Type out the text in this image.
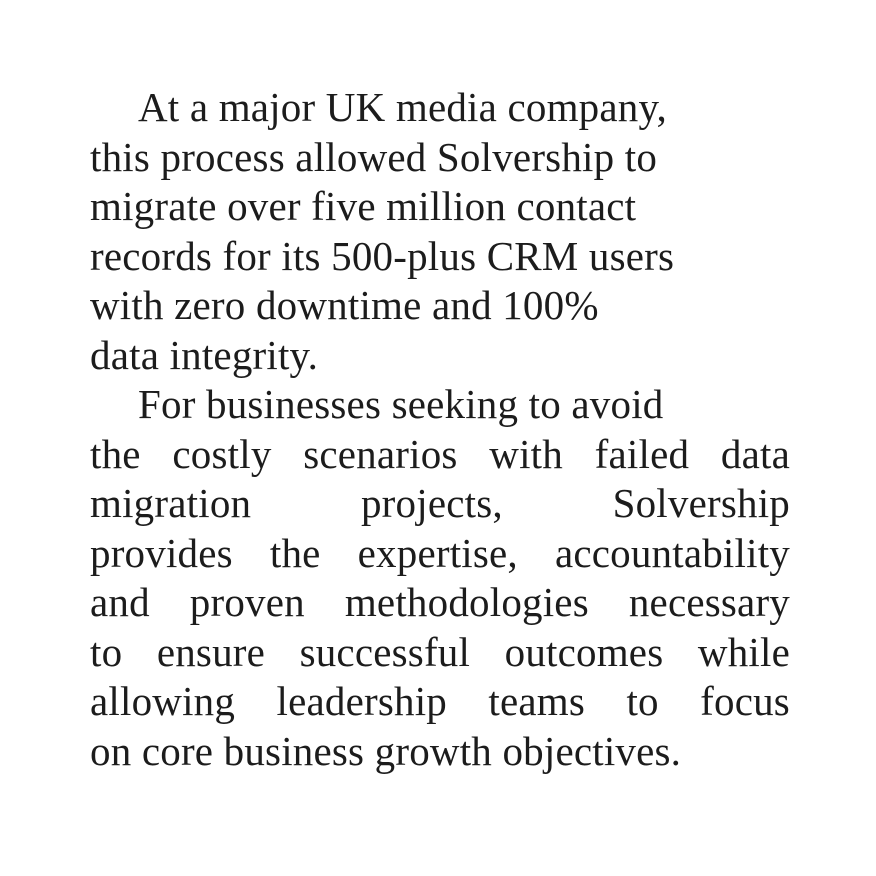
At a major UK media company,
this process allowed Solvership to
migrate over five million contact
records for its 500-plus CRM users
with zero downtime and 100%
data integrity.
For businesses seeking to avoid
the costly scenarios with failed data
migration	projects,	Solvership
provides the expertise, accountability
and proven methodologies necessary
to ensure successful outcomes while
allowing leadership teams to focus
on core business growth objectives.
